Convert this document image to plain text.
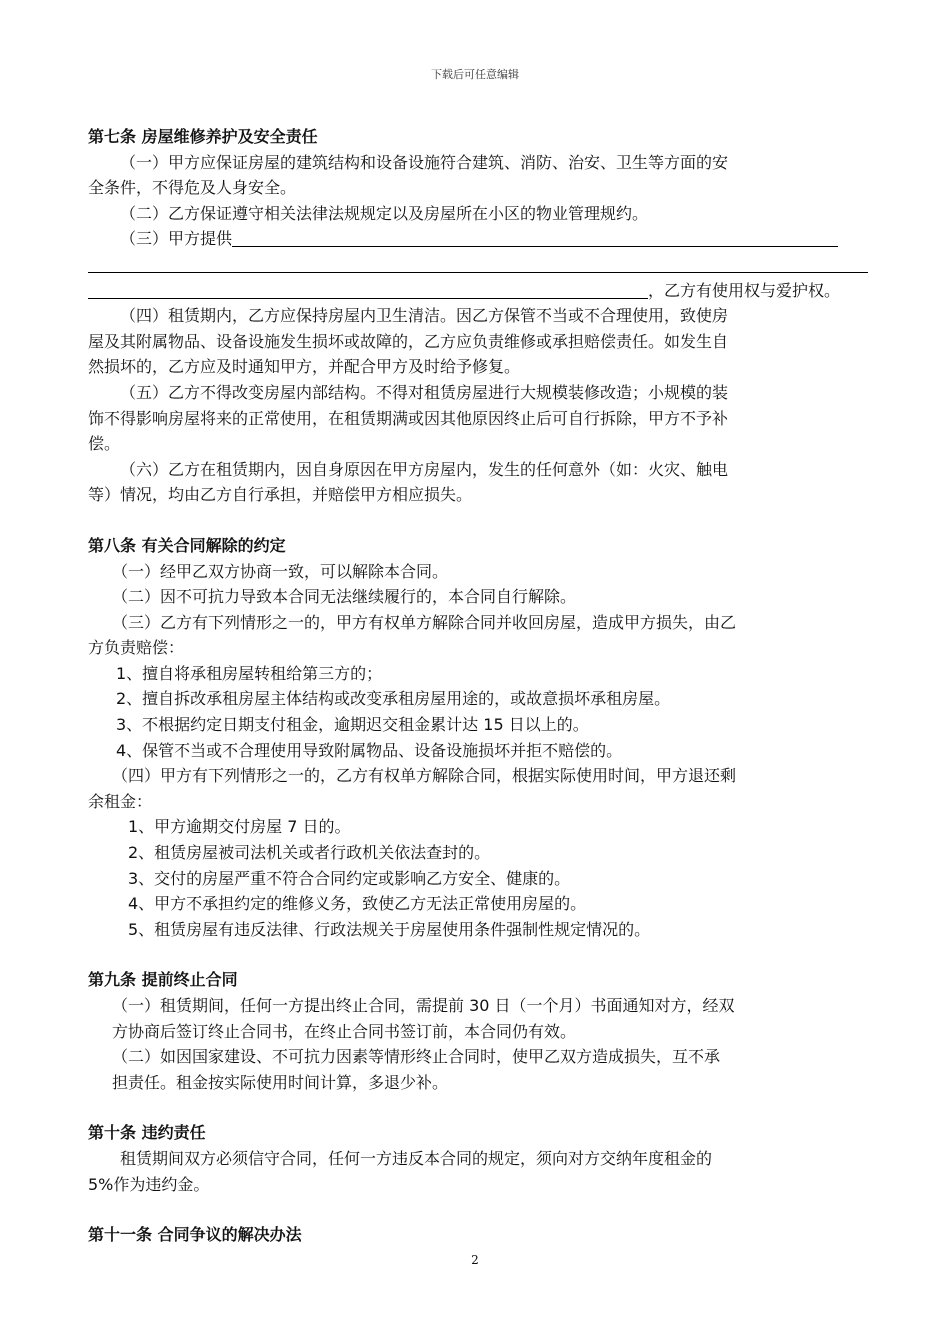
下载后可任意编辑
第七条 房屋维修养护及安全责任
（一）甲方应保证房屋的建筑结构和设备设施符合建筑、消防、治安、卫生等方面的安
全条件，不得危及人身安全。
（二）乙方保证遵守相关法律法规规定以及房屋所在小区的物业管理规约。
（三）甲方提供
，乙方有使用权与爱护权。
（四）租赁期内，乙方应保持房屋内卫生清洁。因乙方保管不当或不合理使用，致使房
屋及其附属物品、设备设施发生损坏或故障的，乙方应负责维修或承担赔偿责任。如发生自
然损坏的，乙方应及时通知甲方，并配合甲方及时给予修复。
（五）乙方不得改变房屋内部结构。不得对租赁房屋进行大规模装修改造；小规模的装
饰不得影响房屋将来的正常使用，在租赁期满或因其他原因终止后可自行拆除，甲方不予补
偿。
（六）乙方在租赁期内，因自身原因在甲方房屋内，发生的任何意外（如：火灾、触电
等）情况，均由乙方自行承担，并赔偿甲方相应损失。
第八条 有关合同解除的约定
（一）经甲乙双方协商一致，可以解除本合同。
（二）因不可抗力导致本合同无法继续履行的，本合同自行解除。
（三）乙方有下列情形之一的，甲方有权单方解除合同并收回房屋，造成甲方损失，由乙
方负责赔偿：
1、擅自将承租房屋转租给第三方的；
2、擅自拆改承租房屋主体结构或改变承租房屋用途的，或故意损坏承租房屋。
3、不根据约定日期支付租金，逾期迟交租金累计达 15 日以上的。
4、保管不当或不合理使用导致附属物品、设备设施损坏并拒不赔偿的。
（四）甲方有下列情形之一的，乙方有权单方解除合同，根据实际使用时间，甲方退还剩
余租金：
1、甲方逾期交付房屋 7 日的。
2、租赁房屋被司法机关或者行政机关依法查封的。
3、交付的房屋严重不符合合同约定或影响乙方安全、健康的。
4、甲方不承担约定的维修义务，致使乙方无法正常使用房屋的。
5、租赁房屋有违反法律、行政法规关于房屋使用条件强制性规定情况的。
第九条 提前终止合同
（一）租赁期间，任何一方提出终止合同，需提前 30 日（一个月）书面通知对方，经双
方协商后签订终止合同书，在终止合同书签订前，本合同仍有效。
（二）如因国家建设、不可抗力因素等情形终止合同时，使甲乙双方造成损失，互不承
担责任。租金按实际使用时间计算，多退少补。
第十条 违约责任
租赁期间双方必须信守合同，任何一方违反本合同的规定，须向对方交纳年度租金的
5%作为违约金。
第十一条 合同争议的解决办法
2
